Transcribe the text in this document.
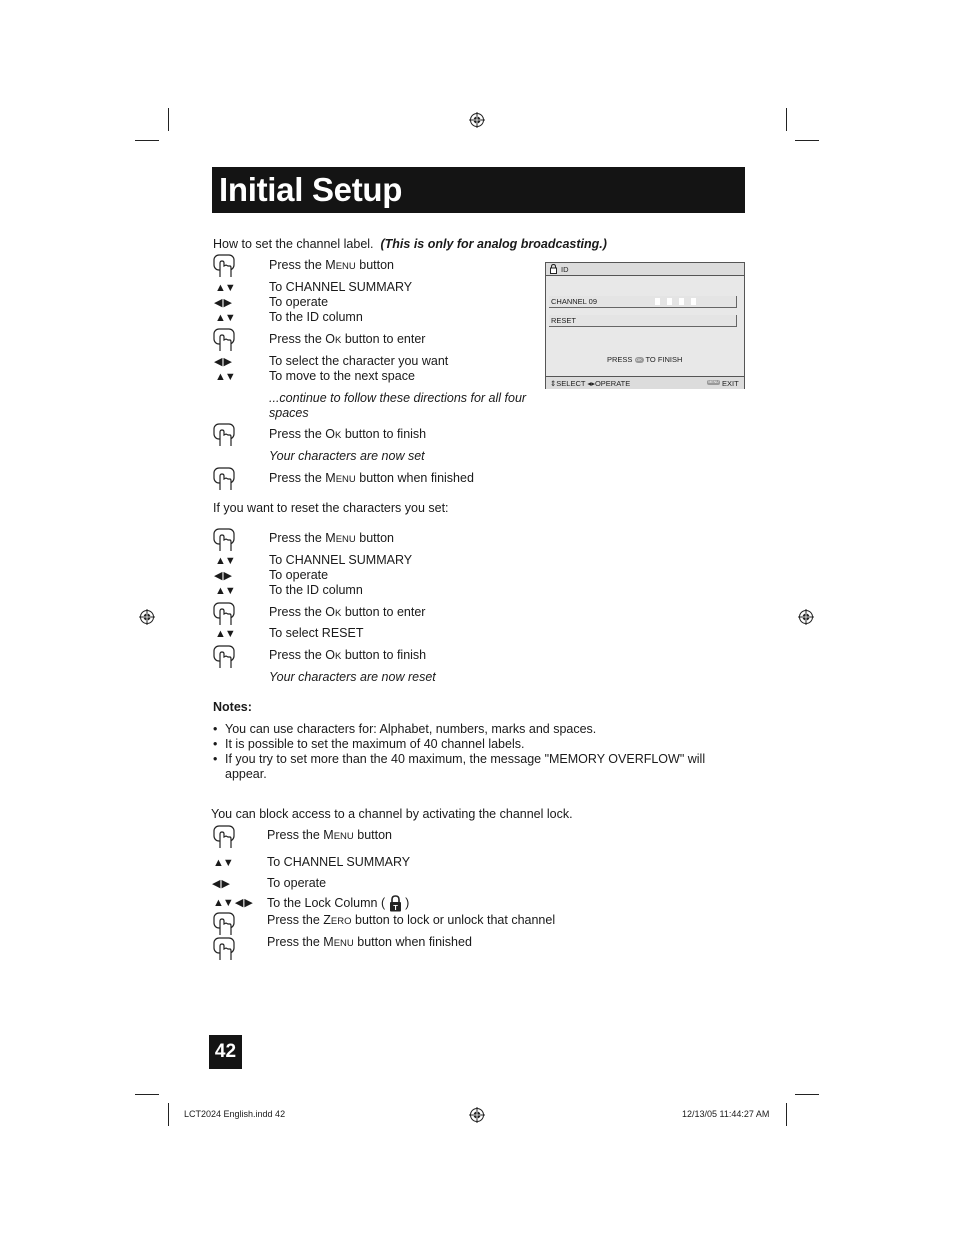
Initial Setup
How to set the channel label. (This is only for analog broadcasting.)
Press the MENU button
▲▼	To CHANNEL SUMMARY
◀ ▶	To operate
▲▼	To the ID column
Press the OK button to enter
◀ ▶	To select the character you want
▲▼	To move to the next space
...continue to follow these directions for all four
spaces
Press the OK button to finish
Your characters are now set
Press the MENU button when finished
ID
CHANNEL 09
RESET
PRESS OK TO FINISH
⇕SELECT ◂▸OPERATE	MENU EXIT
If you want to reset the characters you set:
Press the MENU button
▲▼	To CHANNEL SUMMARY
◀ ▶	To operate
▲▼	To the ID column
Press the OK button to enter
▲▼	To select RESET
Press the OK button to finish
Your characters are now reset
Notes:
• You can use characters for: Alphabet, numbers, marks and spaces.
• It is possible to set the maximum of 40 channel labels.
• If you try to set more than the 40 maximum, the message "MEMORY OVERFLOW" will
appear.
You can block access to a channel by activating the channel lock.
Press the MENU button
▲▼	To CHANNEL SUMMARY
◀ ▶	To operate
▲▼ ◀ ▶ To the Lock Column ( T )
Press the ZERO button to lock or unlock that channel
Press the MENU button when finished
42
LCT2024 English.indd 42	12/13/05 11:44:27 AM
